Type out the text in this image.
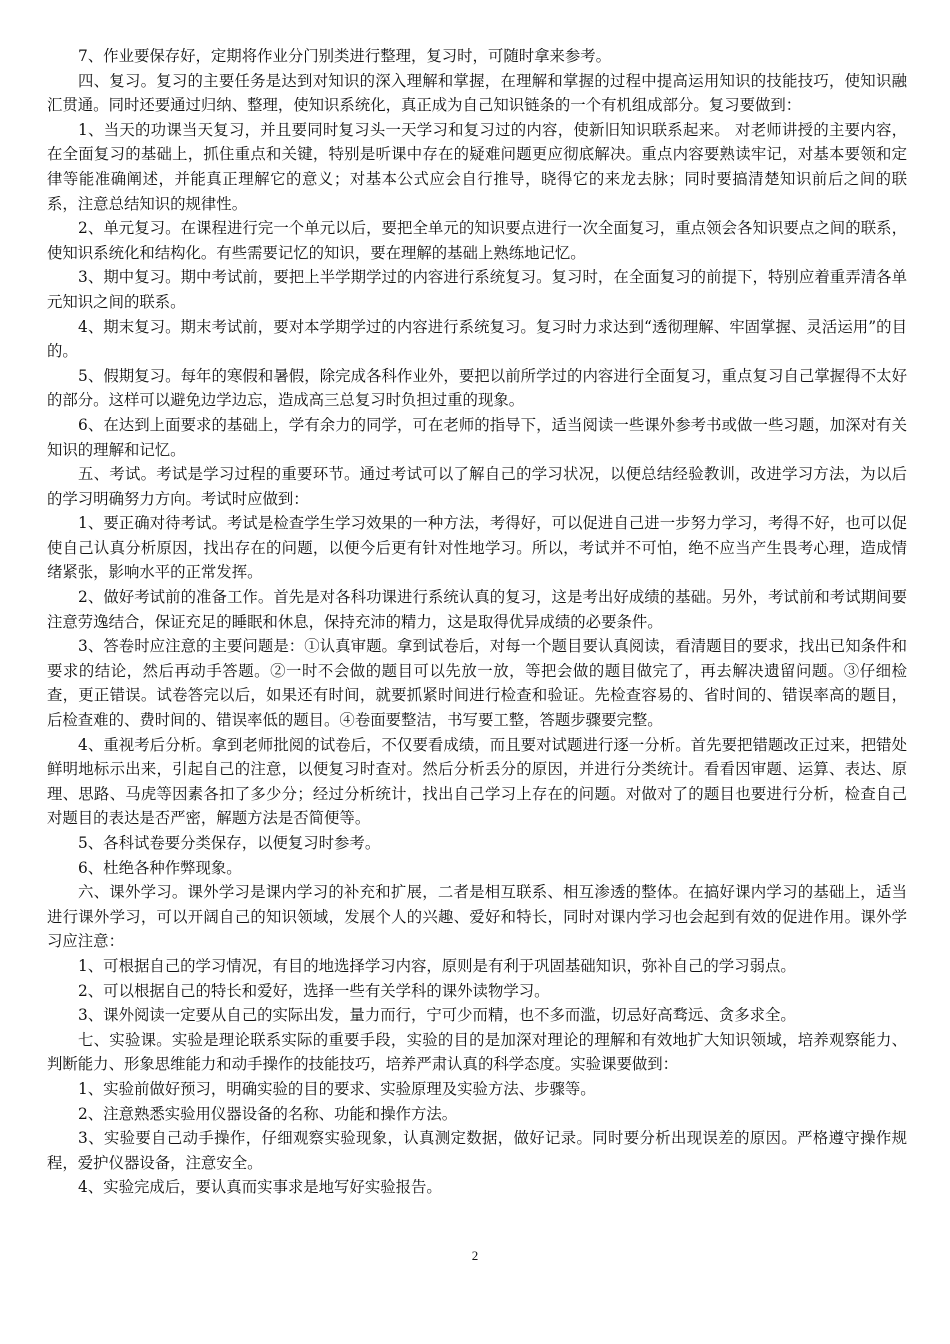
7、作业要保存好，定期将作业分门别类进行整理，复习时，可随时拿来参考。

四、复习。复习的主要任务是达到对知识的深入理解和掌握，在理解和掌握的过程中提高运用知识的技能技巧，使知识融汇贯通。同时还要通过归纳、整理，使知识系统化，真正成为自己知识链条的一个有机组成部分。复习要做到：

1、当天的功课当天复习，并且要同时复习头一天学习和复习过的内容，使新旧知识联系起来。 对老师讲授的主要内容，在全面复习的基础上，抓住重点和关键，特别是听课中存在的疑难问题更应彻底解决。重点内容要熟读牢记，对基本要领和定律等能准确阐述，并能真正理解它的意义；对基本公式应会自行推导，晓得它的来龙去脉；同时要搞清楚知识前后之间的联系，注意总结知识的规律性。

2、单元复习。在课程进行完一个单元以后，要把全单元的知识要点进行一次全面复习，重点领会各知识要点之间的联系，使知识系统化和结构化。有些需要记忆的知识，要在理解的基础上熟练地记忆。

3、期中复习。期中考试前，要把上半学期学过的内容进行系统复习。复习时，在全面复习的前提下，特别应着重弄清各单元知识之间的联系。

4、期末复习。期末考试前，要对本学期学过的内容进行系统复习。复习时力求达到“透彻理解、牢固掌握、灵活运用”的目的。

5、假期复习。每年的寒假和暑假，除完成各科作业外，要把以前所学过的内容进行全面复习，重点复习自己掌握得不太好的部分。这样可以避免边学边忘，造成高三总复习时负担过重的现象。

6、在达到上面要求的基础上，学有余力的同学，可在老师的指导下，适当阅读一些课外参考书或做一些习题，加深对有关知识的理解和记忆。

五、考试。考试是学习过程的重要环节。通过考试可以了解自己的学习状况，以便总结经验教训，改进学习方法，为以后的学习明确努力方向。考试时应做到：

1、要正确对待考试。考试是检查学生学习效果的一种方法，考得好，可以促进自己进一步努力学习，考得不好，也可以促使自己认真分析原因，找出存在的问题，以便今后更有针对性地学习。所以，考试并不可怕，绝不应当产生畏考心理，造成情绪紧张，影响水平的正常发挥。

2、做好考试前的准备工作。首先是对各科功课进行系统认真的复习，这是考出好成绩的基础。另外，考试前和考试期间要注意劳逸结合，保证充足的睡眠和休息，保持充沛的精力，这是取得优异成绩的必要条件。

3、答卷时应注意的主要问题是：①认真审题。拿到试卷后，对每一个题目要认真阅读，看清题目的要求，找出已知条件和要求的结论，然后再动手答题。②一时不会做的题目可以先放一放，等把会做的题目做完了，再去解决遗留问题。③仔细检查，更正错误。试卷答完以后，如果还有时间，就要抓紧时间进行检查和验证。先检查容易的、省时间的、错误率高的题目，后检查难的、费时间的、错误率低的题目。④卷面要整洁，书写要工整，答题步骤要完整。

4、重视考后分析。拿到老师批阅的试卷后，不仅要看成绩，而且要对试题进行逐一分析。首先要把错题改正过来，把错处鲜明地标示出来，引起自己的注意，以便复习时查对。然后分析丢分的原因，并进行分类统计。看看因审题、运算、表达、原理、思路、马虎等因素各扣了多少分；经过分析统计，找出自己学习上存在的问题。对做对了的题目也要进行分析，检查自己对题目的表达是否严密，解题方法是否简便等。

5、各科试卷要分类保存，以便复习时参考。

6、杜绝各种作弊现象。

六、课外学习。课外学习是课内学习的补充和扩展，二者是相互联系、相互渗透的整体。在搞好课内学习的基础上，适当进行课外学习，可以开阔自己的知识领域，发展个人的兴趣、爱好和特长，同时对课内学习也会起到有效的促进作用。课外学习应注意：

1、可根据自己的学习情况，有目的地选择学习内容，原则是有利于巩固基础知识，弥补自己的学习弱点。

2、可以根据自己的特长和爱好，选择一些有关学科的课外读物学习。

3、课外阅读一定要从自己的实际出发，量力而行，宁可少而精，也不多而滥，切忌好高骛远、贪多求全。

七、实验课。实验是理论联系实际的重要手段，实验的目的是加深对理论的理解和有效地扩大知识领域，培养观察能力、判断能力、形象思维能力和动手操作的技能技巧，培养严肃认真的科学态度。实验课要做到：

1、实验前做好预习，明确实验的目的要求、实验原理及实验方法、步骤等。

2、注意熟悉实验用仪器设备的名称、功能和操作方法。

3、实验要自己动手操作，仔细观察实验现象，认真测定数据，做好记录。同时要分析出现误差的原因。严格遵守操作规程，爱护仪器设备，注意安全。

4、实验完成后，要认真而实事求是地写好实验报告。

2
